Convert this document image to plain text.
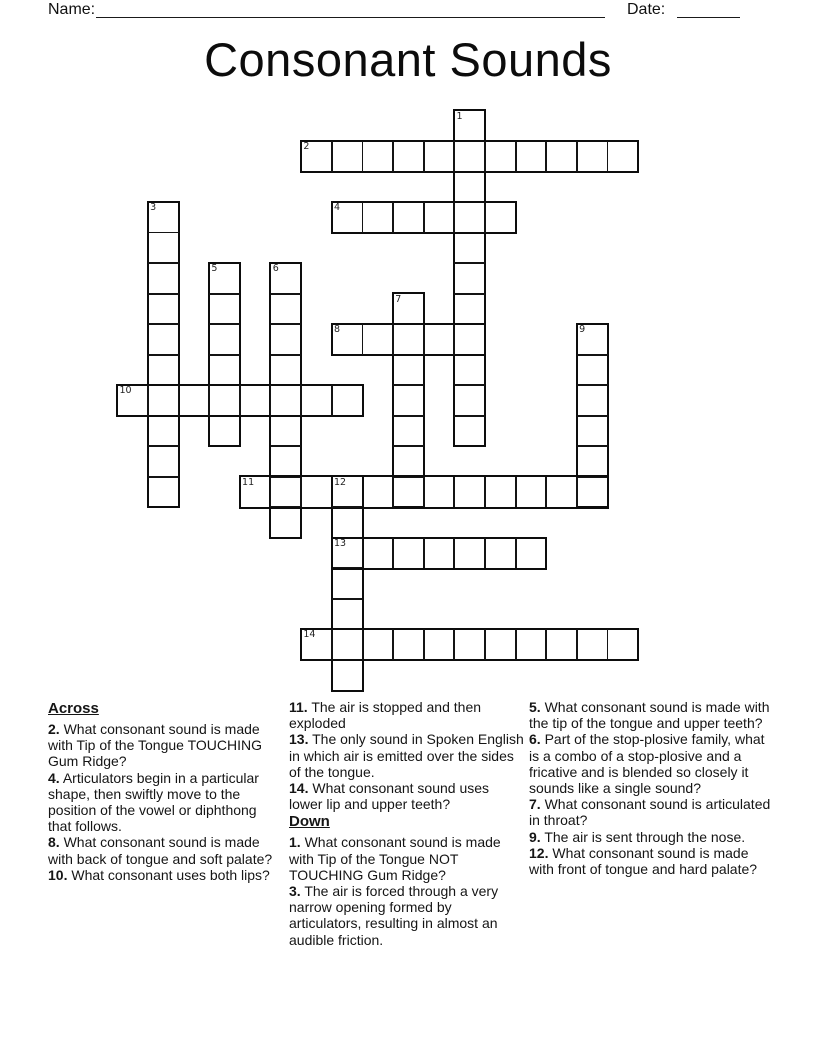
Name:	Date:
Consonant Sounds
1
2
3	4
5	6
7
8	9
10
11	12
13
14
Across
2. What consonant sound is made with Tip of the Tongue TOUCHING Gum Ridge?
4. Articulators begin in a particular shape, then swiftly move to the position of the vowel or diphthong that follows.
8. What consonant sound is made with back of tongue and soft palate?
10. What consonant uses both lips?
11. The air is stopped and then exploded
13. The only sound in Spoken English in which air is emitted over the sides of the tongue.
14. What consonant sound uses lower lip and upper teeth?
Down
1. What consonant sound is made with Tip of the Tongue NOT TOUCHING Gum Ridge?
3. The air is forced through a very narrow opening formed by articulators, resulting in almost an audible friction.
5. What consonant sound is made with the tip of the tongue and upper teeth?
6. Part of the stop-plosive family, what is a combo of a stop-plosive and a fricative and is blended so closely it sounds like a single sound?
7. What consonant sound is articulated in throat?
9. The air is sent through the nose.
12. What consonant sound is made with front of tongue and hard palate?
